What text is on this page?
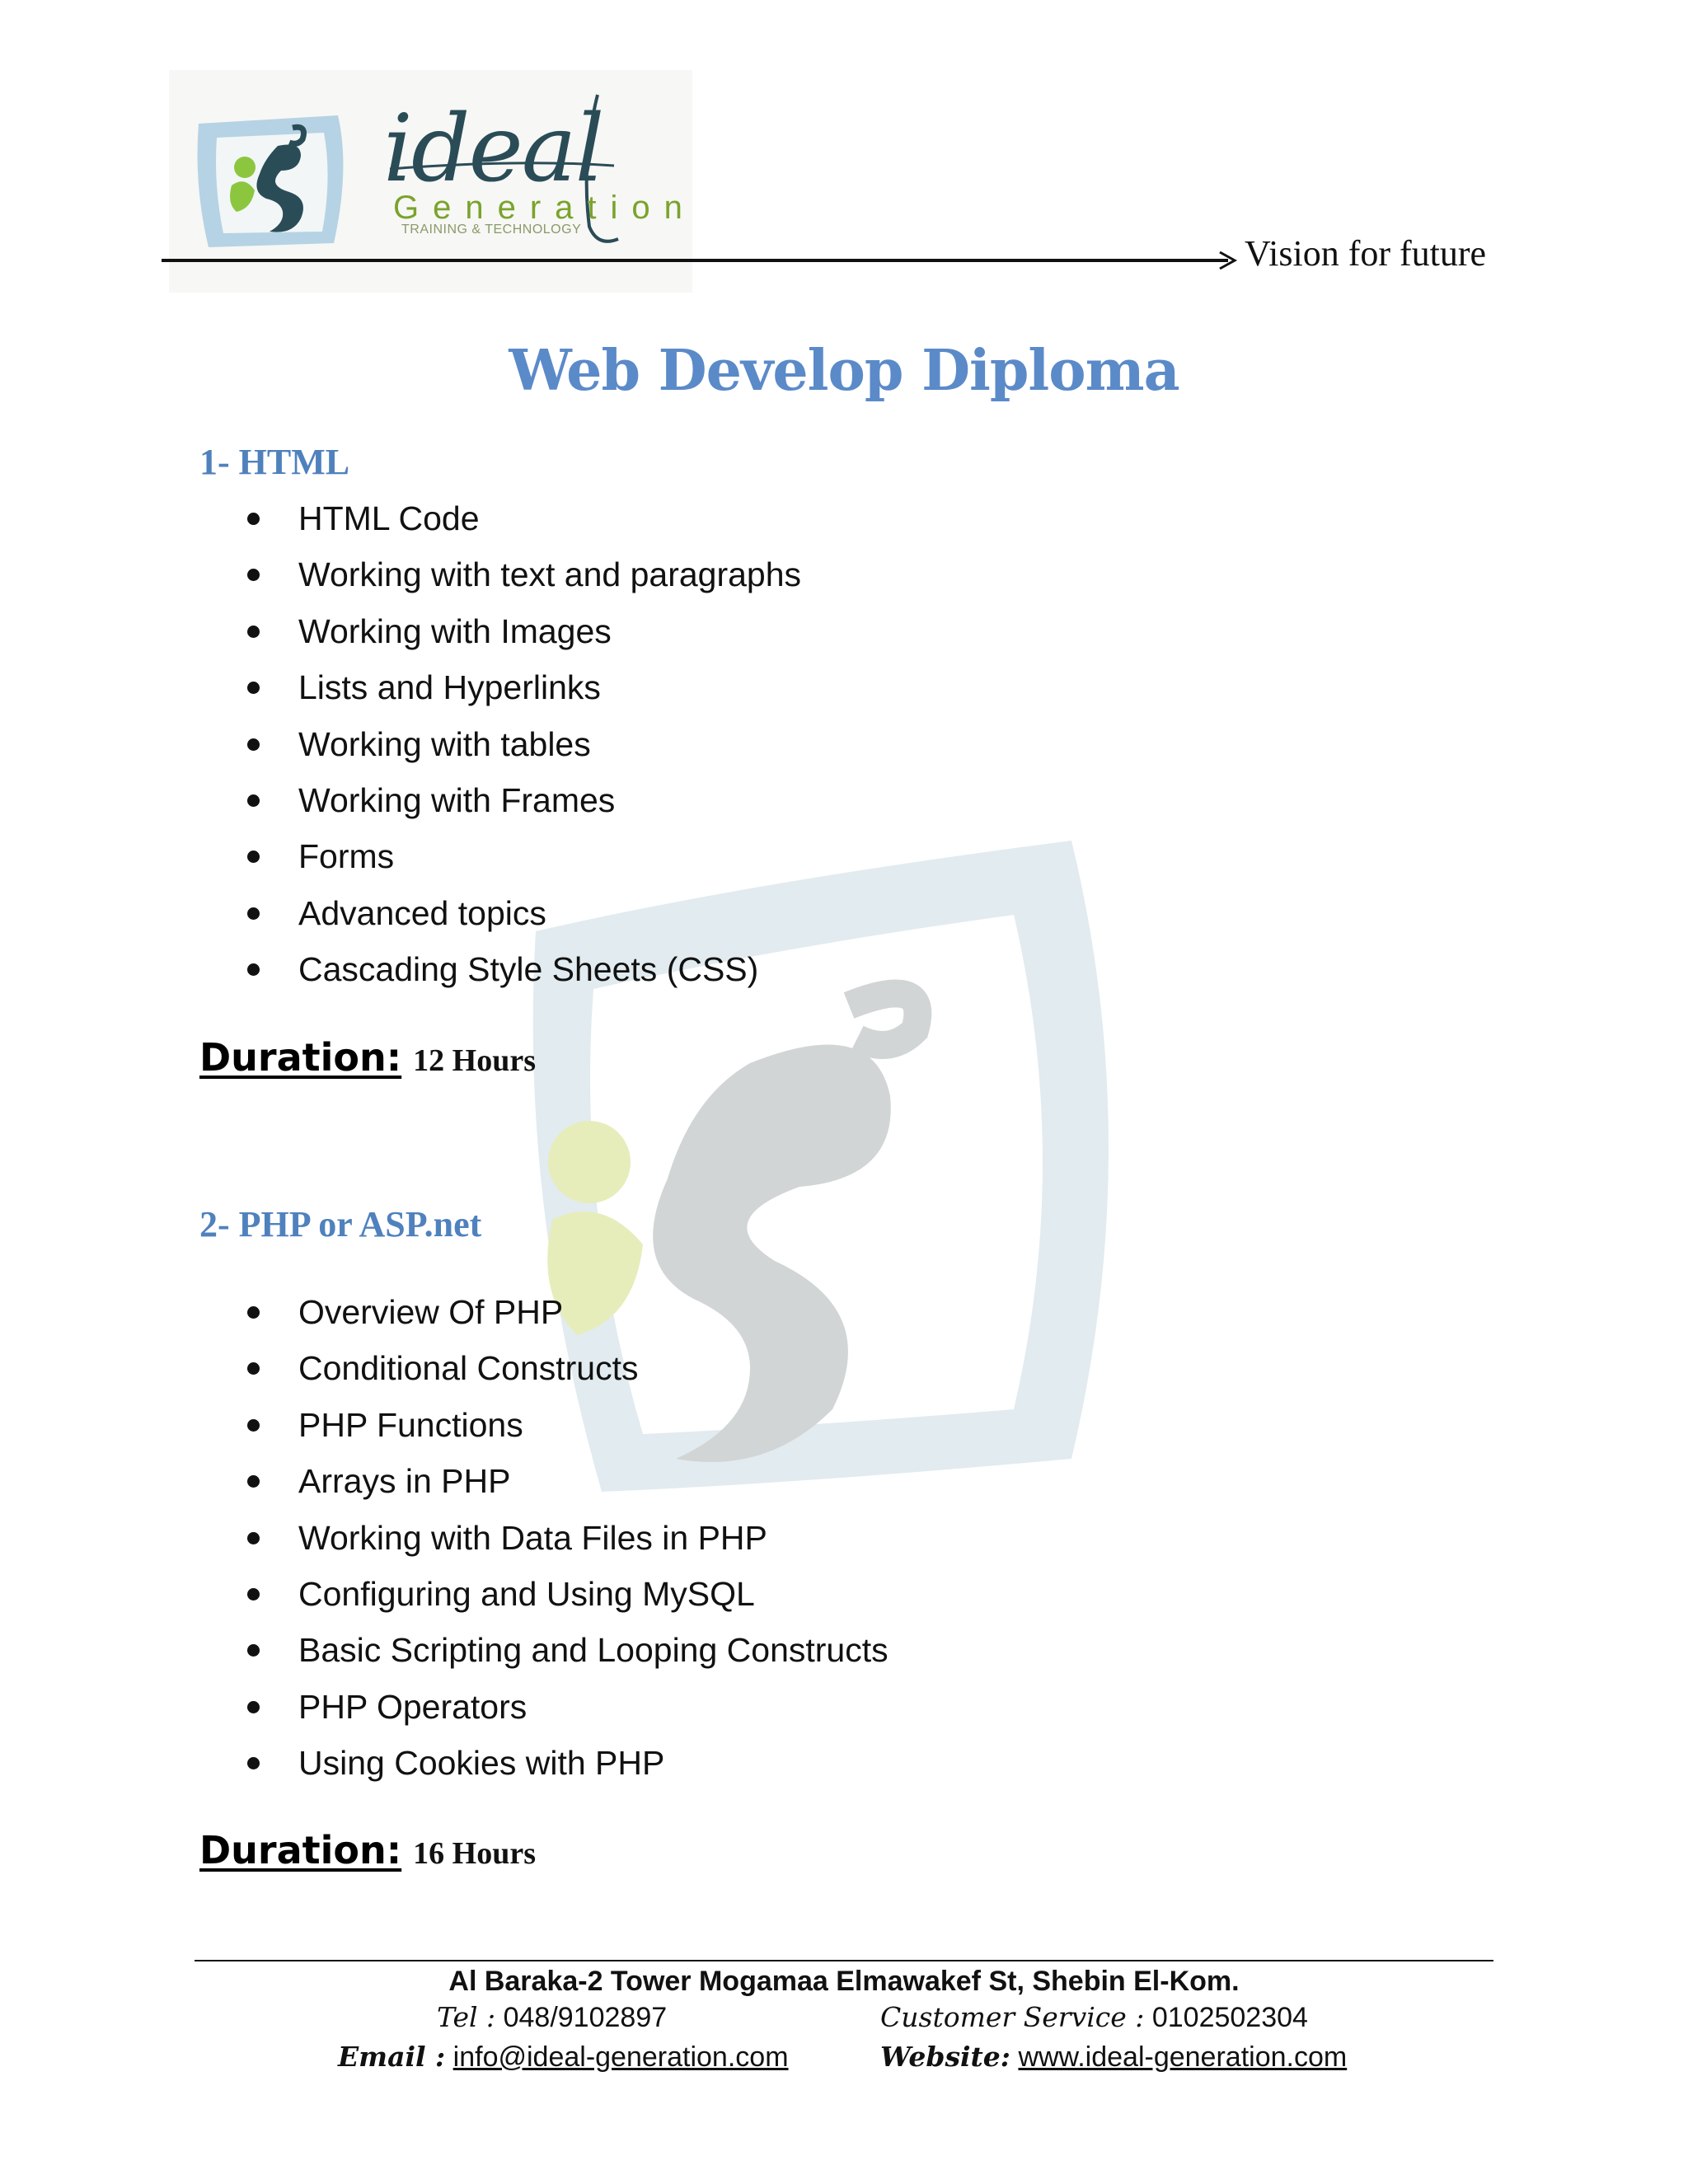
ideal
Generation
TRAINING & TECHNOLOGY
Vision for future
Web Develop Diploma
1- HTML
HTML Code
Working with text and paragraphs
Working with Images
Lists and Hyperlinks
Working with tables
Working with Frames
Forms
Advanced topics
Cascading Style Sheets (CSS)
Duration: 12 Hours
2- PHP or ASP.net
Overview Of PHP
Conditional Constructs
PHP Functions
Arrays in PHP
Working with Data Files in PHP
Configuring and Using MySQL
Basic Scripting and Looping Constructs
PHP Operators
Using Cookies with PHP
Duration: 16 Hours
Al Baraka-2 Tower Mogamaa Elmawakef St, Shebin El-Kom.
Tel : 048/9102897	Customer Service : 0102502304
Email : info@ideal-generation.com	Website: www.ideal-generation.com
